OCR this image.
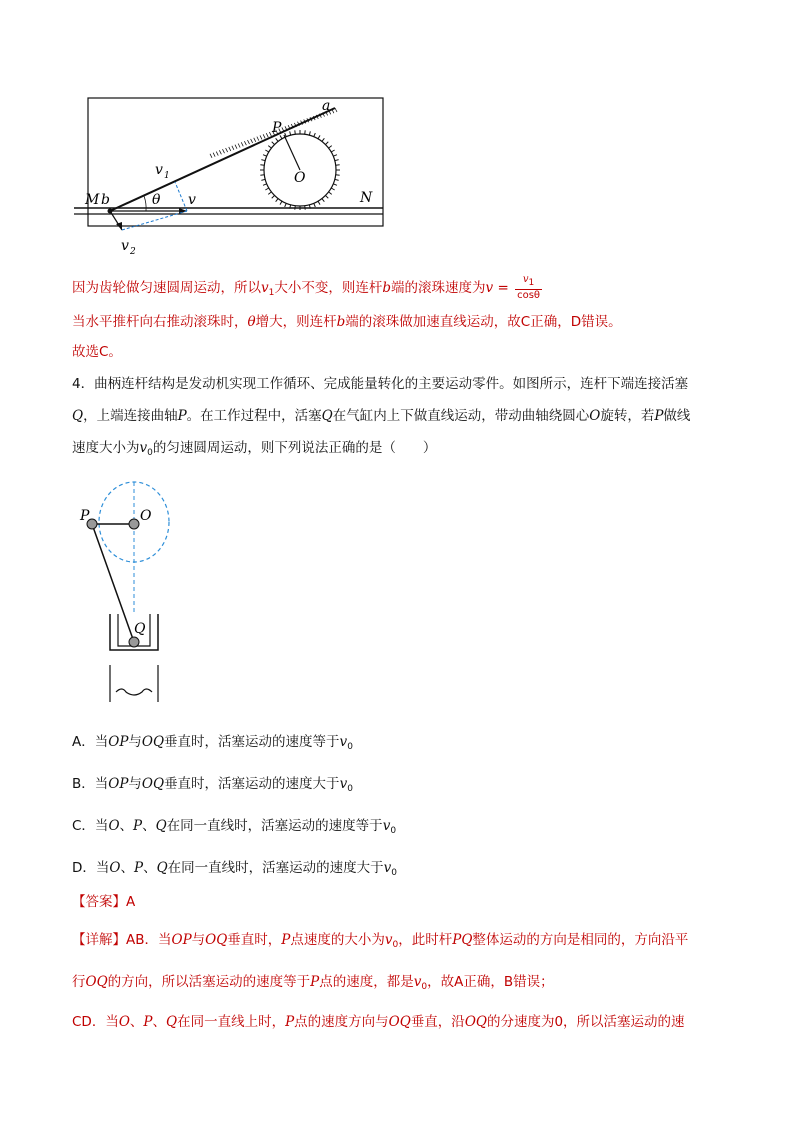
a
P
O
N
M b
v 1
θ v
v 2
因为齿轮做匀速圆周运动，所以$v_1$大小不变，则连杆b端的滚珠速度为$v = \frac{v_1}{\cos\theta}$
当水平推杆向右推动滚珠时，θ增大，则连杆b端的滚珠做加速直线运动，故C正确，D错误。
故选C。
4．曲柄连杆结构是发动机实现工作循环、完成能量转化的主要运动零件。如图所示，连杆下端连接活塞
Q，上端连接曲轴P。在工作过程中，活塞Q在气缸内上下做直线运动，带动曲轴绕圆心O旋转，若P做线
速度大小为$v_0$的匀速圆周运动，则下列说法正确的是（　　）
P	O
Q
A．当OP与OQ垂直时，活塞运动的速度等于$v_0$
B．当OP与OQ垂直时，活塞运动的速度大于$v_0$
C．当O、P、Q在同一直线时，活塞运动的速度等于$v_0$
D．当O、P、Q在同一直线时，活塞运动的速度大于$v_0$
【答案】A
【详解】AB．当OP与OQ垂直时，P点速度的大小为$v_0$，此时杆PQ整体运动的方向是相同的，方向沿平
行OQ的方向，所以活塞运动的速度等于P点的速度，都是$v_0$，故A正确，B错误；
CD．当O、P、Q在同一直线上时，P点的速度方向与OQ垂直，沿OQ的分速度为0，所以活塞运动的速
